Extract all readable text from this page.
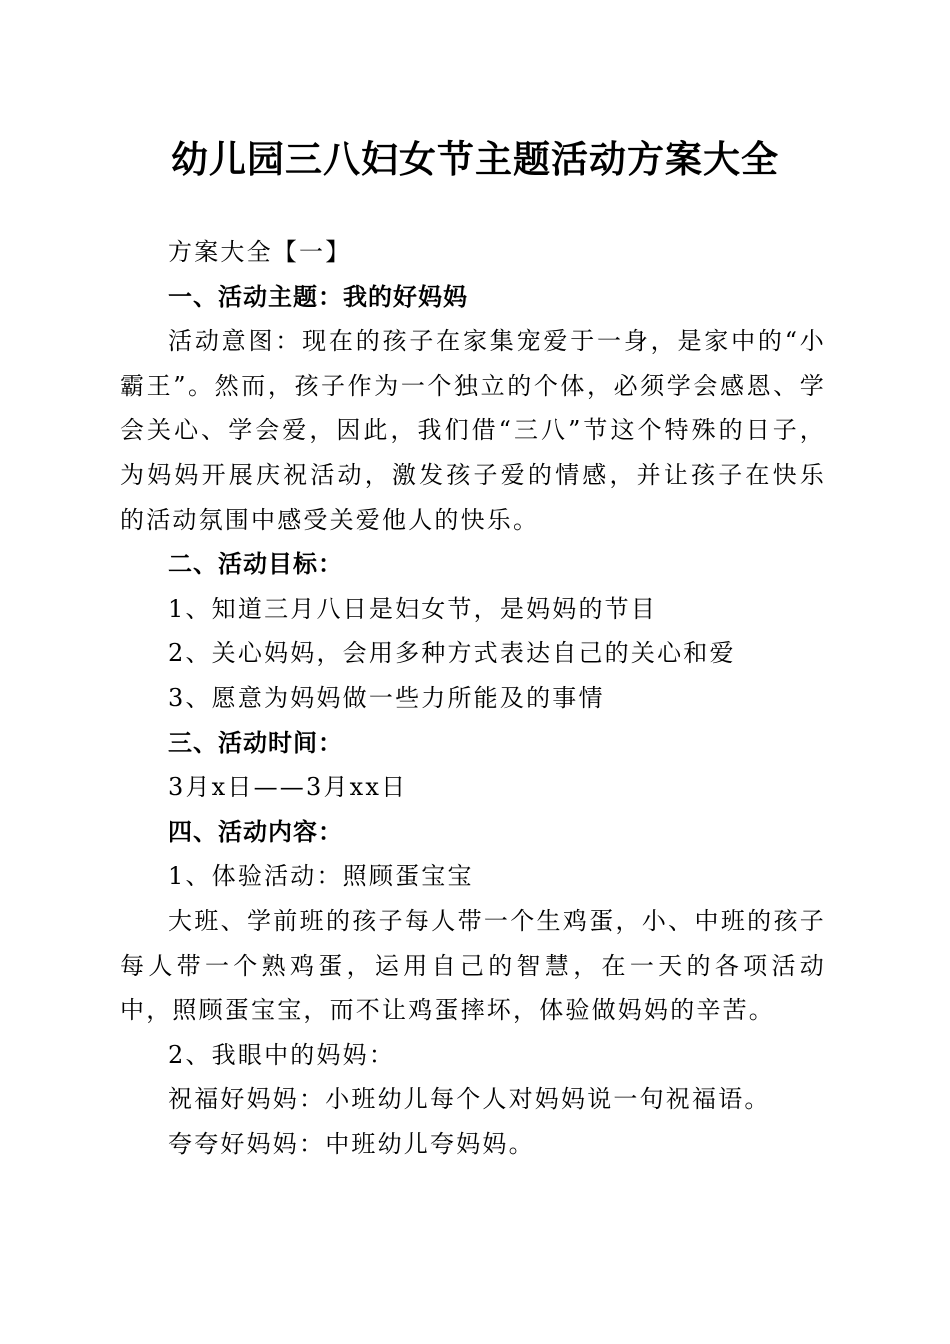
幼儿园三八妇女节主题活动方案大全

方案大全【一】

一、活动主题：我的好妈妈

活动意图：现在的孩子在家集宠爱于一身，是家中的“小霸王”。然而，孩子作为一个独立的个体，必须学会感恩、学会关心、学会爱，因此，我们借“三八”节这个特殊的日子，为妈妈开展庆祝活动，激发孩子爱的情感，并让孩子在快乐的活动氛围中感受关爱他人的快乐。

二、活动目标：

1、知道三月八日是妇女节，是妈妈的节目

2、关心妈妈，会用多种方式表达自己的关心和爱

3、愿意为妈妈做一些力所能及的事情

三、活动时间：

3月x日——3月xx日

四、活动内容：

1、体验活动：照顾蛋宝宝

大班、学前班的孩子每人带一个生鸡蛋，小、中班的孩子每人带一个熟鸡蛋，运用自己的智慧，在一天的各项活动中，照顾蛋宝宝，而不让鸡蛋摔坏，体验做妈妈的辛苦。

2、我眼中的妈妈：

祝福好妈妈：小班幼儿每个人对妈妈说一句祝福语。

夸夸好妈妈：中班幼儿夸妈妈。
